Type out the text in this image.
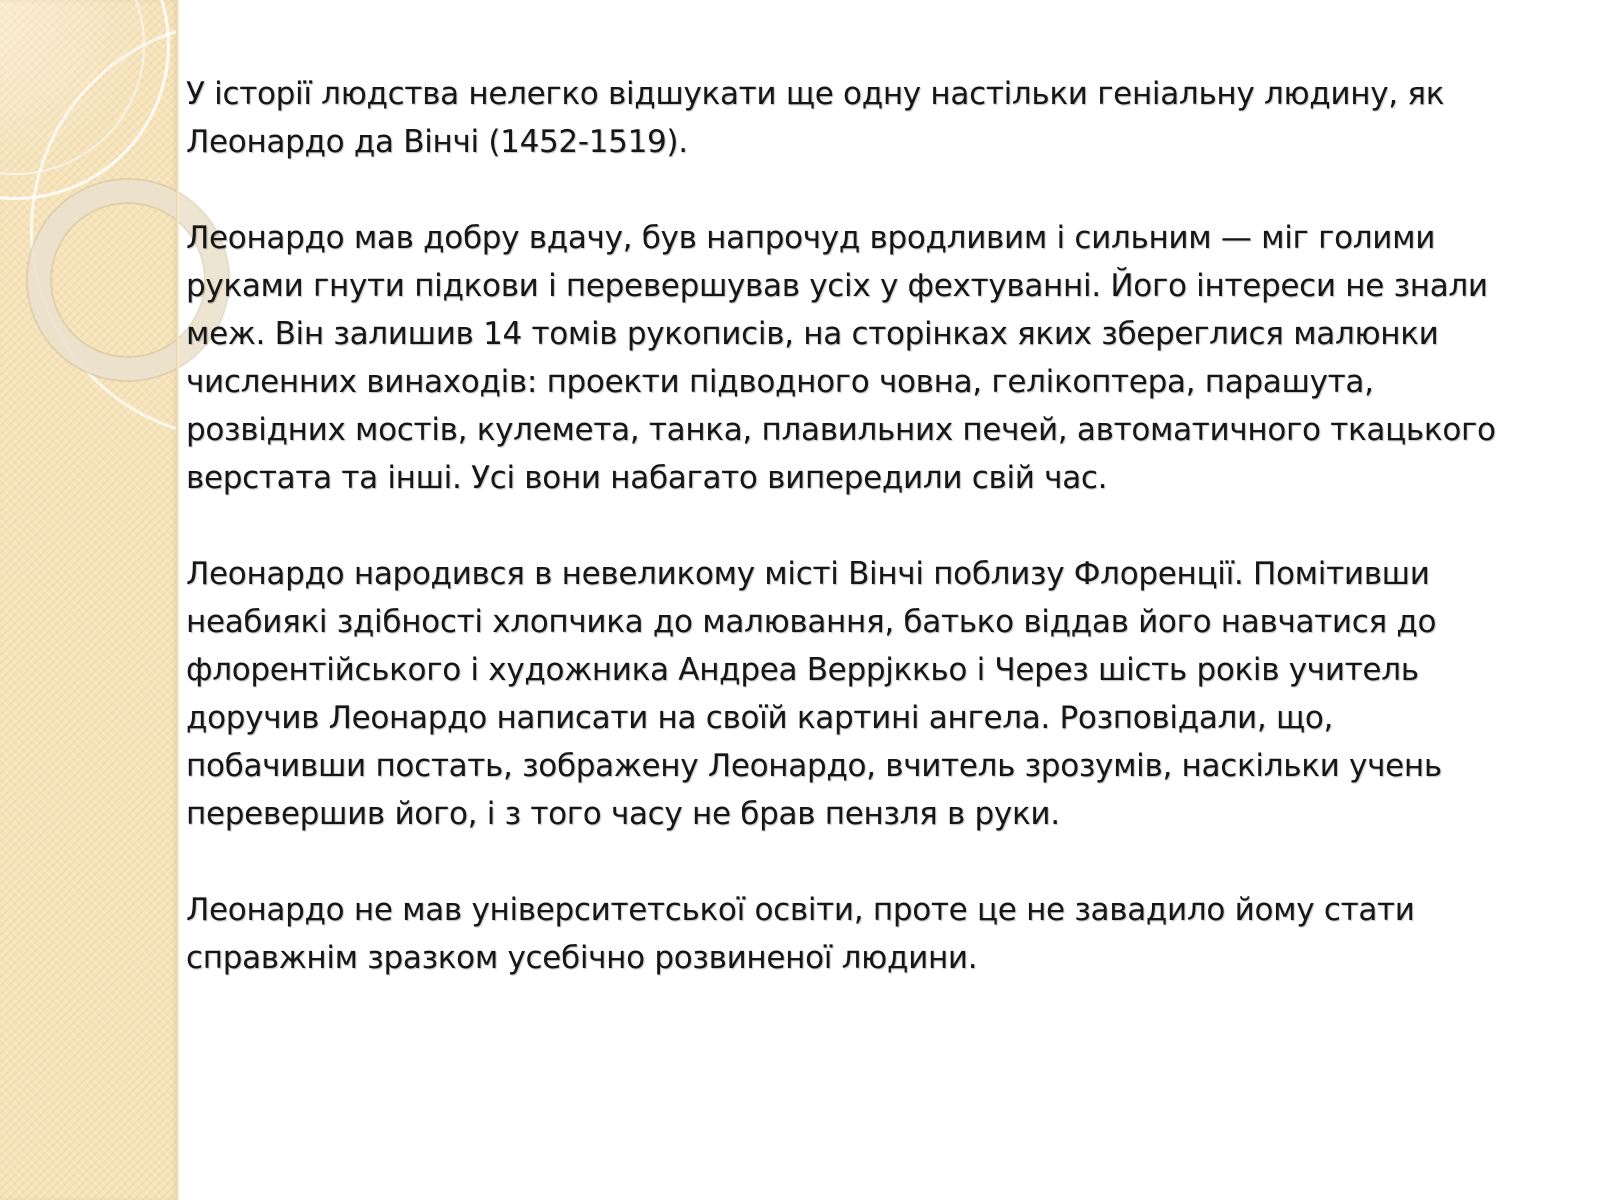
У історії людства нелегко відшукати ще одну настільки геніальну людину, як Леонардо да Вінчі (1452-1519).

Леонардо мав добру вдачу, був напрочуд вродливим і сильним — міг голими руками гнути підкови і перевершував усіх у фехтуванні. Його інтереси не знали меж. Він залишив 14 томів рукописів, на сторінках яких збереглися малюнки численних винаходів: проекти підводного човна, гелікоптера, парашута, розвідних мостів, кулемета, танка, плавильних печей, автоматичного ткацького верстата та інші. Усі вони набагато випередили свій час.

Леонардо народився в невеликому місті Вінчі поблизу Флоренції. Помітивши неабиякі здібності хлопчика до малювання, батько віддав його навчатися до флорентійського і художника Андреа Веррјккьо і Через шість років учитель доручив Леонардо написати на своїй картині ангела. Розповідали, що, побачивши постать, зображену Леонардо, вчитель зрозумів, наскільки учень перевершив його, і з того часу не брав пензля в руки.

Леонардо не мав університетської освіти, проте це не завадило йому стати справжнім зразком усебічно розвиненої людини.
